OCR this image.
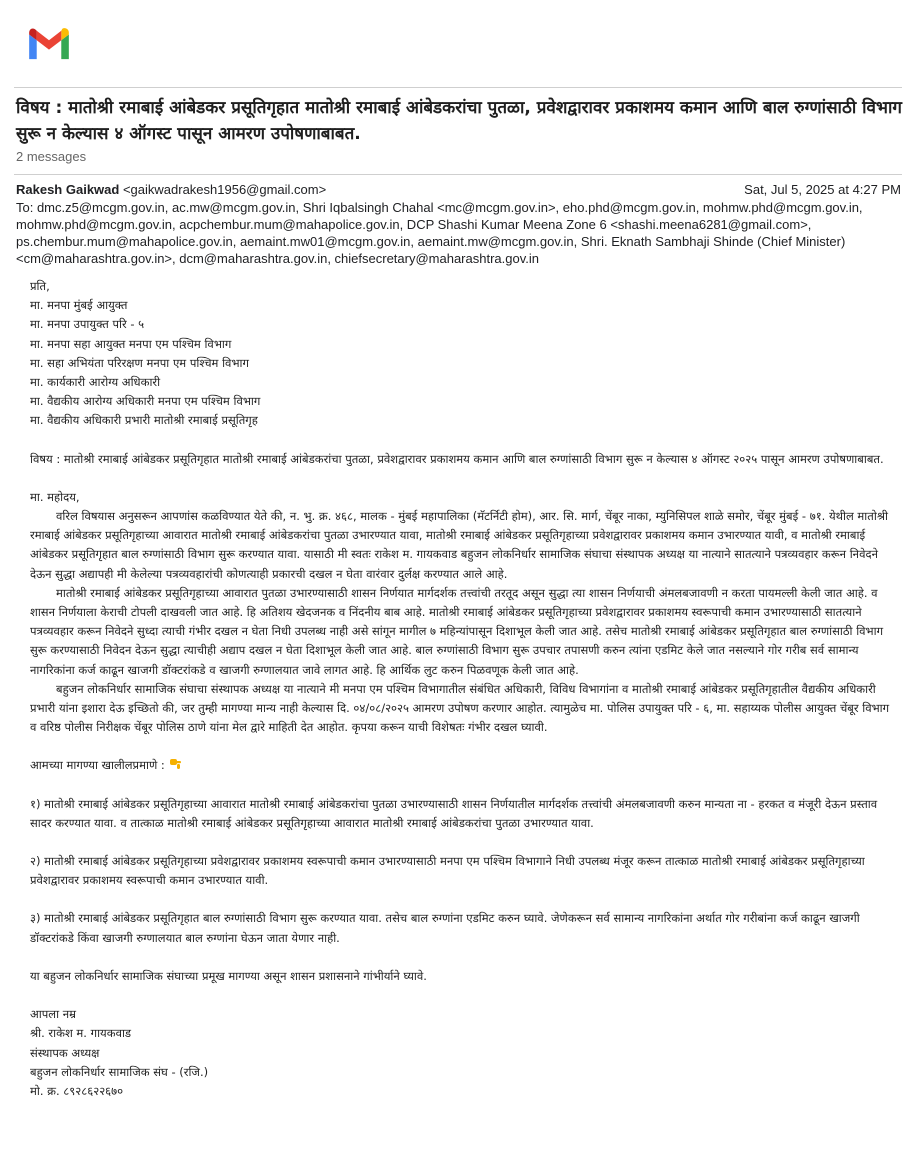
विषय : मातोश्री रमाबाई आंबेडकर प्रसूतिगृहात मातोश्री रमाबाई आंबेडकरांचा पुतळा, प्रवेशद्वारावर प्रकाशमय कमान आणि बाल रुग्णांसाठी विभाग सुरू न केल्यास ४ ऑगस्ट पासून आमरण उपोषणाबाबत.
2 messages
Rakesh Gaikwad <gaikwadrakesh1956@gmail.com>	Sat, Jul 5, 2025 at 4:27 PM
To: dmc.z5@mcgm.gov.in, ac.mw@mcgm.gov.in, Shri Iqbalsingh Chahal <mc@mcgm.gov.in>, eho.phd@mcgm.gov.in, mohmw.phd@mcgm.gov.in, mohmw.phd@mcgm.gov.in, acpchembur.mum@mahapolice.gov.in, DCP Shashi Kumar Meena Zone 6 <shashi.meena6281@gmail.com>, ps.chembur.mum@mahapolice.gov.in, aemaint.mw01@mcgm.gov.in, aemaint.mw@mcgm.gov.in, Shri. Eknath Sambhaji Shinde (Chief Minister) <cm@maharashtra.gov.in>, dcm@maharashtra.gov.in, chiefsecretary@maharashtra.gov.in

प्रति,

मा. मनपा मुंबई आयुक्त

मा. मनपा उपायुक्त परि - ५

मा. मनपा सहा आयुक्त मनपा एम पश्चिम विभाग

मा. सहा अभियंता परिरक्षण मनपा एम पश्चिम विभाग

मा. कार्यकारी आरोग्य अधिकारी

मा. वैद्यकीय आरोग्य अधिकारी मनपा एम पश्चिम विभाग

मा. वैद्यकीय अधिकारी प्रभारी मातोश्री रमाबाई प्रसूतिगृह

विषय : मातोश्री रमाबाई आंबेडकर प्रसूतिगृहात मातोश्री रमाबाई आंबेडकरांचा पुतळा, प्रवेशद्वारावर प्रकाशमय कमान आणि बाल रुग्णांसाठी विभाग सुरू न केल्यास ४ ऑगस्ट २०२५ पासून आमरण उपोषणाबाबत.

मा. महोदय,

वरिल विषयास अनुसरून आपणांस कळविण्यात येते की, न. भु. क्र. ४६८, मालक - मुंबई महापालिका (मॅटर्निटी होम), आर. सि. मार्ग, चेंबूर नाका, म्युनिसिपल शाळे समोर, चेंबूर मुंबई - ७१. येथील मातोश्री रमाबाई आंबेडकर प्रसूतिगृहाच्या आवारात मातोश्री रमाबाई आंबेडकरांचा पुतळा उभारण्यात यावा, मातोश्री रमाबाई आंबेडकर प्रसूतिगृहाच्या प्रवेशद्वारावर प्रकाशमय कमान उभारण्यात यावी, व मातोश्री रमाबाई आंबेडकर प्रसूतिगृहात बाल रुग्णांसाठी विभाग सुरू करण्यात यावा. यासाठी मी स्वतः राकेश म. गायकवाड बहुजन लोकनिर्धार सामाजिक संघाचा संस्थापक अध्यक्ष या नात्याने सातत्याने पत्रव्यवहार करून निवेदने देऊन सुद्धा अद्यापही मी केलेल्या पत्रव्यवहारांची कोणत्याही प्रकारची दखल न घेता वारंवार दुर्लक्ष करण्यात आले आहे.

मातोश्री रमाबाई आंबेडकर प्रसूतिगृहाच्या आवारात पुतळा उभारण्यासाठी शासन निर्णयात मार्गदर्शक तत्त्वांची तरतूद असून सुद्धा त्या शासन निर्णयाची अंमलबजावणी न करता पायमल्ली केली जात आहे. व शासन निर्णयाला केराची टोपली दाखवली जात आहे. हि अतिशय खेदजनक व निंदनीय बाब आहे. मातोश्री रमाबाई आंबेडकर प्रसूतिगृहाच्या प्रवेशद्वारावर प्रकाशमय स्वरूपाची कमान उभारण्यासाठी सातत्याने पत्रव्यवहार करून निवेदने सुध्दा त्याची गंभीर दखल न घेता निधी उपलब्ध नाही असे सांगून मागील ७ महिन्यांपासून दिशाभूल केली जात आहे. तसेच मातोश्री रमाबाई आंबेडकर प्रसूतिगृहात बाल रुग्णांसाठी विभाग सुरू करण्यासाठी निवेदन देऊन सुद्धा त्याचीही अद्याप दखल न घेता दिशाभूल केली जात आहे. बाल रुग्णांसाठी विभाग सुरू उपचार तपासणी करुन त्यांना एडमिट केले जात नसल्याने गोर गरीब सर्व सामान्य नागरिकांना कर्ज काढून खाजगी डॉक्टरांकडे व खाजगी रुग्णालयात जावे लागत आहे. हि आर्थिक लुट करुन पिळवणूक केली जात आहे.

बहुजन लोकनिर्धार सामाजिक संघाचा संस्थापक अध्यक्ष या नात्याने मी मनपा एम पश्चिम विभागातील संबंधित अधिकारी, विविध विभागांना व मातोश्री रमाबाई आंबेडकर प्रसूतिगृहातील वैद्यकीय अधिकारी प्रभारी यांना इशारा देऊ इच्छितो की, जर तुम्ही मागण्या मान्य नाही केल्यास दि. ०४/०८/२०२५ आमरण उपोषण करणार आहोत. त्यामुळेच मा. पोलिस उपायुक्त परि - ६, मा. सहाय्यक पोलीस आयुक्त चेंबूर विभाग व वरिष्ठ पोलीस निरीक्षक चेंबूर पोलिस ठाणे यांना मेल द्वारे माहिती देत आहोत. कृपया करून याची विशेषतः गंभीर दखल घ्यावी.

आमच्या मागण्या खालीलप्रमाणे :

१) मातोश्री रमाबाई आंबेडकर प्रसूतिगृहाच्या आवारात मातोश्री रमाबाई आंबेडकरांचा पुतळा उभारण्यासाठी शासन निर्णयातील मार्गदर्शक तत्त्वांची अंमलबजावणी करुन मान्यता ना - हरकत व मंजूरी देऊन प्रस्ताव सादर करण्यात यावा. व तात्काळ मातोश्री रमाबाई आंबेडकर प्रसूतिगृहाच्या आवारात मातोश्री रमाबाई आंबेडकरांचा पुतळा उभारण्यात यावा.

२) मातोश्री रमाबाई आंबेडकर प्रसूतिगृहाच्या प्रवेशद्वारावर प्रकाशमय स्वरूपाची कमान उभारण्यासाठी मनपा एम पश्चिम विभागाने निधी उपलब्ध मंजूर करून तात्काळ मातोश्री रमाबाई आंबेडकर प्रसूतिगृहाच्या प्रवेशद्वारावर प्रकाशमय स्वरूपाची कमान उभारण्यात यावी.

३) मातोश्री रमाबाई आंबेडकर प्रसूतिगृहात बाल रुग्णांसाठी विभाग सुरू करण्यात यावा. तसेच बाल रुग्णांना एडमिट करुन घ्यावे. जेणेकरून सर्व सामान्य नागरिकांना अर्थात गोर गरीबांना कर्ज काढून खाजगी डॉक्टरांकडे किंवा खाजगी रुग्णालयात बाल रुग्णांना घेऊन जाता येणार नाही.

या बहुजन लोकनिर्धार सामाजिक संघाच्या प्रमूख मागण्या असून शासन प्रशासनाने गांभीर्याने घ्यावे.

आपला नम्र

श्री. राकेश म. गायकवाड

संस्थापक अध्यक्ष

बहुजन लोकनिर्धार सामाजिक संघ - (रजि.)

मो. क्र. ८९२८६२२६७०
